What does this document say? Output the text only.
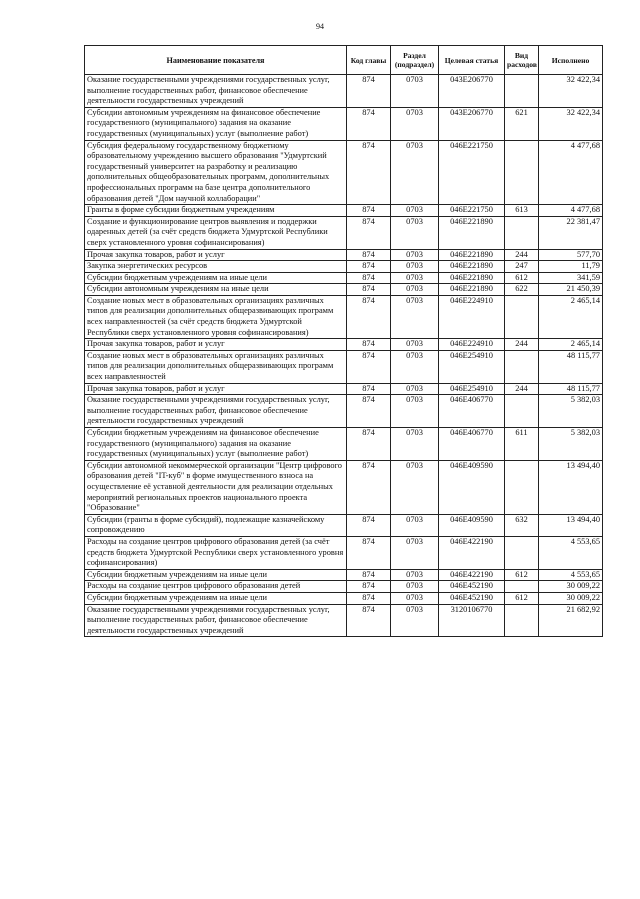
94
Наименование показателя	Код главы	Раздел (подраздел)	Целевая статья	Вид расходов	Исполнено
Оказание государственными учреждениями государственных услуг, выполнение государственных работ, финансовое обеспечение деятельности государственных учреждений	874	0703	043E206770		32 422,34
Субсидии автономным учреждениям на финансовое обеспечение государственного (муниципального) задания на оказание государственных (муниципальных) услуг (выполнение работ)	874	0703	043E206770	621	32 422,34
Субсидия федеральному государственному бюджетному образовательному учреждению высшего образования "Удмуртский государственный университет на разработку и реализацию дополнительных общеобразовательных программ, дополнительных профессиональных программ на базе центра дополнительного образования детей "Дом научной коллаборации"	874	0703	046E221750		4 477,68
Гранты в форме субсидии бюджетным учреждениям	874	0703	046E221750	613	4 477,68
Создание и функционирование центров выявления и поддержки одаренных детей (за счёт средств бюджета Удмуртской Республики сверх установленного уровня софинансирования)	874	0703	046E221890		22 381,47
Прочая закупка товаров, работ и услуг	874	0703	046E221890	244	577,70
Закупка энергетических ресурсов	874	0703	046E221890	247	11,79
Субсидии бюджетным учреждениям на иные цели	874	0703	046E221890	612	341,59
Субсидии автономным учреждениям на иные цели	874	0703	046E221890	622	21 450,39
Создание новых мест в образовательных организациях различных типов для реализации дополнительных общеразвивающих программ всех направленностей (за счёт средств бюджета Удмуртской Республики сверх установленного уровня софинансирования)	874	0703	046E224910		2 465,14
Прочая закупка товаров, работ и услуг	874	0703	046E224910	244	2 465,14
Создание новых мест в образовательных организациях различных типов для реализации дополнительных общеразвивающих программ всех направленностей	874	0703	046E254910		48 115,77
Прочая закупка товаров, работ и услуг	874	0703	046E254910	244	48 115,77
Оказание государственными учреждениями государственных услуг, выполнение государственных работ, финансовое обеспечение деятельности государственных учреждений	874	0703	046E406770		5 382,03
Субсидии бюджетным учреждениям на финансовое обеспечение государственного (муниципального) задания на оказание государственных (муниципальных) услуг (выполнение работ)	874	0703	046E406770	611	5 382,03
Субсидии автономной некоммерческой организации "Центр цифрового образования детей "IT-куб" в форме имущественного взноса на осуществление её уставной деятельности для реализации отдельных мероприятий региональных проектов национального проекта "Образование"	874	0703	046E409590		13 494,40
Субсидии (гранты в форме субсидий), подлежащие казначейскому сопровождению	874	0703	046E409590	632	13 494,40
Расходы на создание центров цифрового образования детей (за счёт средств бюджета Удмуртской Республики сверх установленного уровня софинансирования)	874	0703	046E422190		4 553,65
Субсидии бюджетным учреждениям на иные цели	874	0703	046E422190	612	4 553,65
Расходы на создание центров цифрового образования детей	874	0703	046E452190		30 009,22
Субсидии бюджетным учреждениям на иные цели	874	0703	046E452190	612	30 009,22
Оказание государственными учреждениями государственных услуг, выполнение государственных работ, финансовое обеспечение деятельности государственных учреждений	874	0703	3120106770		21 682,92
